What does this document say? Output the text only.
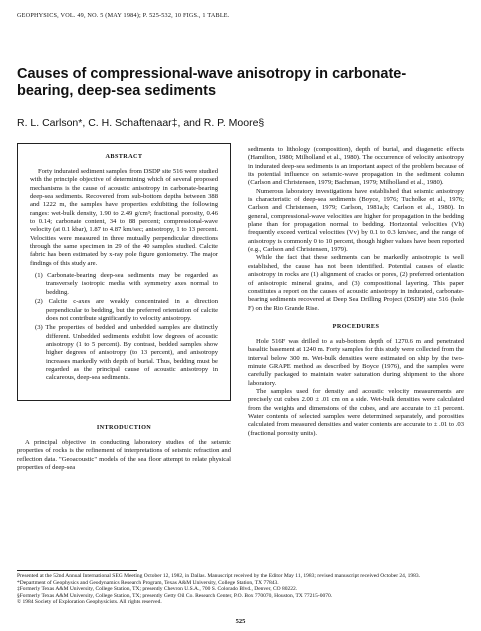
GEOPHYSICS, VOL. 49, NO. 5 (MAY 1984); P. 525-532, 10 FIGS., 1 TABLE.
Causes of compressional-wave anisotropy in carbonate-bearing, deep-sea sediments
R. L. Carlson*, C. H. Schaftenaar‡, and R. P. Moore§
ABSTRACT

Forty indurated sediment samples from DSDP site 516 were studied with the principle objective of determining which of several proposed mechanisms is the cause of acoustic anisotropy in carbonate-bearing deep-sea sediments. Recovered from sub-bottom depths between 388 and 1222 m, the samples have properties exhibiting the following ranges: wet-bulk density, 1.90 to 2.49 g/cm³; fractional porosity, 0.46 to 0.14; carbonate content, 34 to 88 percent; compressional-wave velocity (at 0.1 kbar), 1.87 to 4.87 km/sec; anisotropy, 1 to 13 percent. Velocities were measured in three mutually perpendicular directions through the same specimen in 29 of the 40 samples studied. Calcite fabric has been estimated by x-ray pole figure goniometry. The major findings of this study are.

(1) Carbonate-bearing deep-sea sediments may be regarded as transversely isotropic media with symmetry axes normal to bedding.

(2) Calcite c-axes are weakly concentrated in a direction perpendicular to bedding, but the preferred orientation of calcite does not contribute significantly to velocity anisotropy.

(3) The properties of bedded and unbedded samples are distinctly different. Unbedded sediments exhibit low degrees of acoustic anisotropy (1 to 5 percent). By contrast, bedded samples show higher degrees of anisotropy (to 13 percent), and anisotropy increases markedly with depth of burial. Thus, bedding must be regarded as the principal cause of acoustic anisotropy in calcareous, deep-sea sediments.

INTRODUCTION

A principal objective in conducting laboratory studies of the seismic properties of rocks is the refinement of interpretations of seismic refraction and reflection data. "Geoacoustic" models of the sea floor attempt to relate physical properties of deep-sea

sediments to lithology (composition), depth of burial, and diagenetic effects (Hamilton, 1980; Milholland et al., 1980). The occurrence of velocity anisotropy in indurated deep-sea sediments is an important aspect of the problem because of its potential influence on seismic-wave propagation in the sediment column (Carlson and Christensen, 1979; Bachman, 1979; Milholland et al., 1980).

Numerous laboratory investigations have established that seismic anisotropy is characteristic of deep-sea sediments (Boyce, 1976; Tucholke et al., 1976; Carlson and Christensen, 1979; Carlson, 1981a,b; Carlson et al., 1980). In general, compressional-wave velocities are higher for propagation in the bedding plane than for propagation normal to bedding. Horizontal velocities (Vh) frequently exceed vertical velocities (Vv) by 0.1 to 0.3 km/sec, and the range of anisotropy is commonly 0 to 10 percent, though higher values have been reported (e.g., Carlson and Christensen, 1979).

While the fact that these sediments can be markedly anisotropic is well established, the cause has not been identified. Potential causes of elastic anisotropy in rocks are (1) alignment of cracks or pores, (2) preferred orientation of anisotropic mineral grains, and (3) compositional layering. This paper constitutes a report on the causes of acoustic anisotropy in indurated, carbonate-bearing sediments recovered at Deep Sea Drilling Project (DSDP) site 516 (hole F) on the Rio Grande Rise.

PROCEDURES

Hole 516F was drilled to a sub-bottom depth of 1270.6 m and penetrated basaltic basement at 1240 m. Forty samples for this study were collected from the interval below 300 m. Wet-bulk densities were estimated on ship by the two-minute GRAPE method as described by Boyce (1976), and the samples were carefully packaged to maintain water saturation during shipment to the shore laboratory.

The samples used for density and acoustic velocity measurements are precisely cut cubes 2.00 ± .01 cm on a side. Wet-bulk densities were calculated from the weights and dimensions of the cubes, and are accurate to ±1 percent. Water contents of selected samples were determined separately, and porosities calculated from measured densities and water contents are accurate to ± .01 to .03 (fractional porosity units).

Presented at the 52nd Annual International SEG Meeting October 12, 1982, in Dallas. Manuscript received by the Editor May 11, 1983; revised manuscript received October 24, 1983.

*Department of Geophysics and Geodynamics Research Program, Texas A&M University, College Station, TX 77843.

‡Formerly Texas A&M University, College Station, TX; presently Chevron U.S.A., 700 S. Colorado Blvd., Denver, CO 80222.

§Formerly Texas A&M University, College Station, TX; presently Getty Oil Co. Research Center, P.O. Box 770070, Houston, TX 77215-0070.

© 1984 Society of Exploration Geophysicists. All rights reserved.

525
